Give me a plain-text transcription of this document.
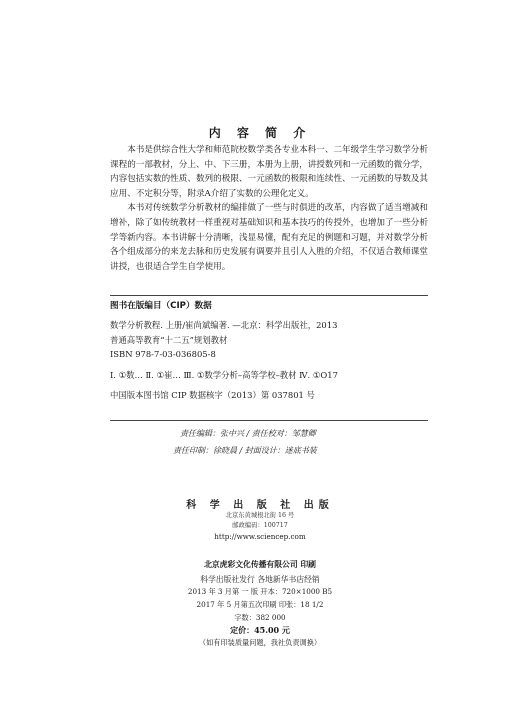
内 容 简 介

本书是供综合性大学和师范院校数学类各专业本科一、二年级学生学习数学分析课程的一部教材，分上、中、下三册，本册为上册，讲授数列和一元函数的微分学，内容包括实数的性质、数列的极限、一元函数的极限和连续性、一元函数的导数及其应用、不定积分等，附录A介绍了实数的公理化定义。

本书对传统数学分析教材的编排做了一些与时俱进的改革，内容做了适当增减和增补，除了如传统教材一样重视对基础知识和基本技巧的传授外，也增加了一些分析学等新内容。本书讲解十分清晰，浅显易懂，配有充足的例题和习题，并对数学分析各个组成部分的来龙去脉和历史发展有调要并且引人入胜的介绍，不仅适合教师课堂讲授，也很适合学生自学使用。

图书在版编目（CIP）数据
数学分析教程. 上册/崔尚斌编著. —北京：科学出版社，2013
普通高等教育“十二五”规划教材
ISBN 978-7-03-036805-8
Ⅰ. ①数… Ⅱ. ①崔… Ⅲ. ①数学分析–高等学校–教材 Ⅳ. ①O17
中国版本图书馆 CIP 数据核字（2013）第 037801 号
责任编辑：张中兴 / 责任校对：邹慧卿
责任印制：徐晓晨 / 封面设计：迷底书装
科 学 出 版 社 出版
北京东黄城根北街 16 号
邮政编码：100717
http://www.sciencep.com
北京虎彩文化传播有限公司 印刷
科学出版社发行 各地新华书店经销
2013 年 3 月第 一 版 开本：720×1000 B5
2017 年 5 月第五次印刷 印张：18 1/2
字数：382 000
定价：45.00 元
（如有印装质量问题，我社负责调换）
